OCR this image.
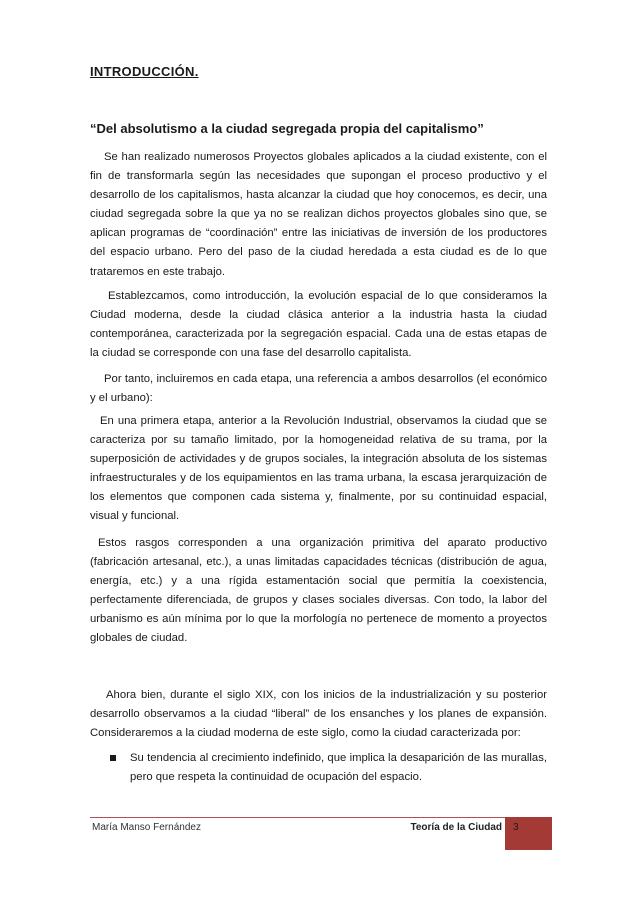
INTRODUCCIÓN.
“Del absolutismo a la ciudad segregada propia del capitalismo”

Se han realizado numerosos Proyectos globales aplicados a la ciudad existente, con el fin de transformarla según las necesidades que supongan el proceso productivo y el desarrollo de los capitalismos, hasta alcanzar la ciudad que hoy conocemos, es decir, una ciudad segregada sobre la que ya no se realizan dichos proyectos globales sino que, se aplican programas de “coordinación” entre las iniciativas de inversión de los productores del espacio urbano. Pero del paso de la ciudad heredada a esta ciudad es de lo que trataremos en este trabajo.

Establezcamos, como introducción, la evolución espacial de lo que consideramos la Ciudad moderna, desde la ciudad clásica anterior a la industria hasta la ciudad contemporánea, caracterizada por la segregación espacial. Cada una de estas etapas de la ciudad se corresponde con una fase del desarrollo capitalista.

Por tanto, incluiremos en cada etapa, una referencia a ambos desarrollos (el económico y el urbano):

En una primera etapa, anterior a la Revolución Industrial, observamos la ciudad que se caracteriza por su tamaño limitado, por la homogeneidad relativa de su trama, por la superposición de actividades y de grupos sociales, la integración absoluta de los sistemas infraestructurales y de los equipamientos en las trama urbana, la escasa jerarquización de los elementos que componen cada sistema y, finalmente, por su continuidad espacial, visual y funcional.

Estos rasgos corresponden a una organización primitiva del aparato productivo (fabricación artesanal, etc.), a unas limitadas capacidades técnicas (distribución de agua, energía, etc.) y a una rígida estamentación social que permitía la coexistencia, perfectamente diferenciada, de grupos y clases sociales diversas. Con todo, la labor del urbanismo es aún mínima por lo que la morfología no pertenece de momento a proyectos globales de ciudad.

Ahora bien, durante el siglo XIX, con los inicios de la industrialización y su posterior desarrollo observamos a la ciudad “liberal” de los ensanches y los planes de expansión. Consideraremos a la ciudad moderna de este siglo, como la ciudad caracterizada por:

Su tendencia al crecimiento indefinido, que implica la desaparición de las murallas, pero que respeta la continuidad de ocupación del espacio.
María Manso Fernández	Teoría de la Ciudad 3
